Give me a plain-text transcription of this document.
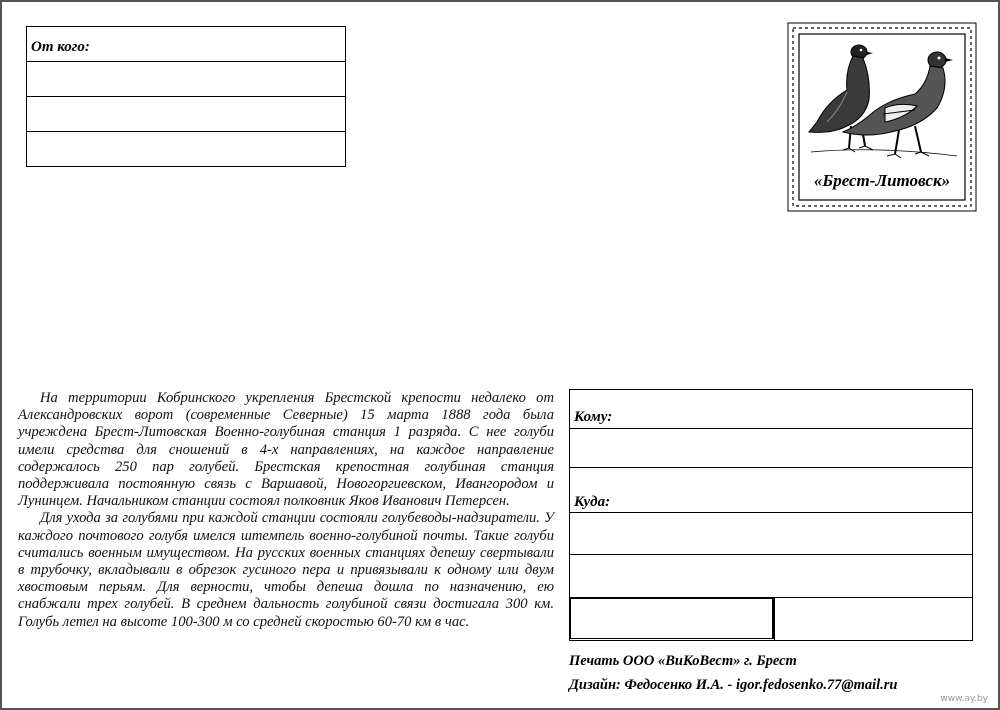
От кого:
«Брест-Литовск»

На территории Кобринского укрепления Брестской крепости недалеко от Александровских ворот (современные Северные) 15 марта 1888 года была учреждена Брест-Литовская Военно-голубиная станция 1 разряда. С нее голуби имели средства для сношений в 4-х направлениях, на каждое направление содержалось 250 пар голубей. Брестская крепостная голубиная станция поддерживала постоянную связь с Варшавой, Новогоргиевском, Ивангородом и Лунинцем. Начальником станции состоял полковник Яков Иванович Петерсен.

Для ухода за голубями при каждой станции состояли голубеводы-надзиратели. У каждого почтового голубя имелся штемпель военно-голубиной почты. Такие голуби считались военным имуществом. На русских военных станциях депешу свертывали в трубочку, вкладывали в обрезок гусиного пера и привязывали к одному или двум хвостовым перьям. Для верности, чтобы депеша дошла по назначению, ею снабжали трех голубей. В среднем дальность голубиной связи достигала 300 км. Голубь летел на высоте 100-300 м со средней скоростью 60-70 км в час.

Кому:
Куда:
Печать ООО «ВиКоВест» г. Брест
Дизайн: Федосенко И.А. - igor.fedosenko.77@mail.ru
www.ay.by
